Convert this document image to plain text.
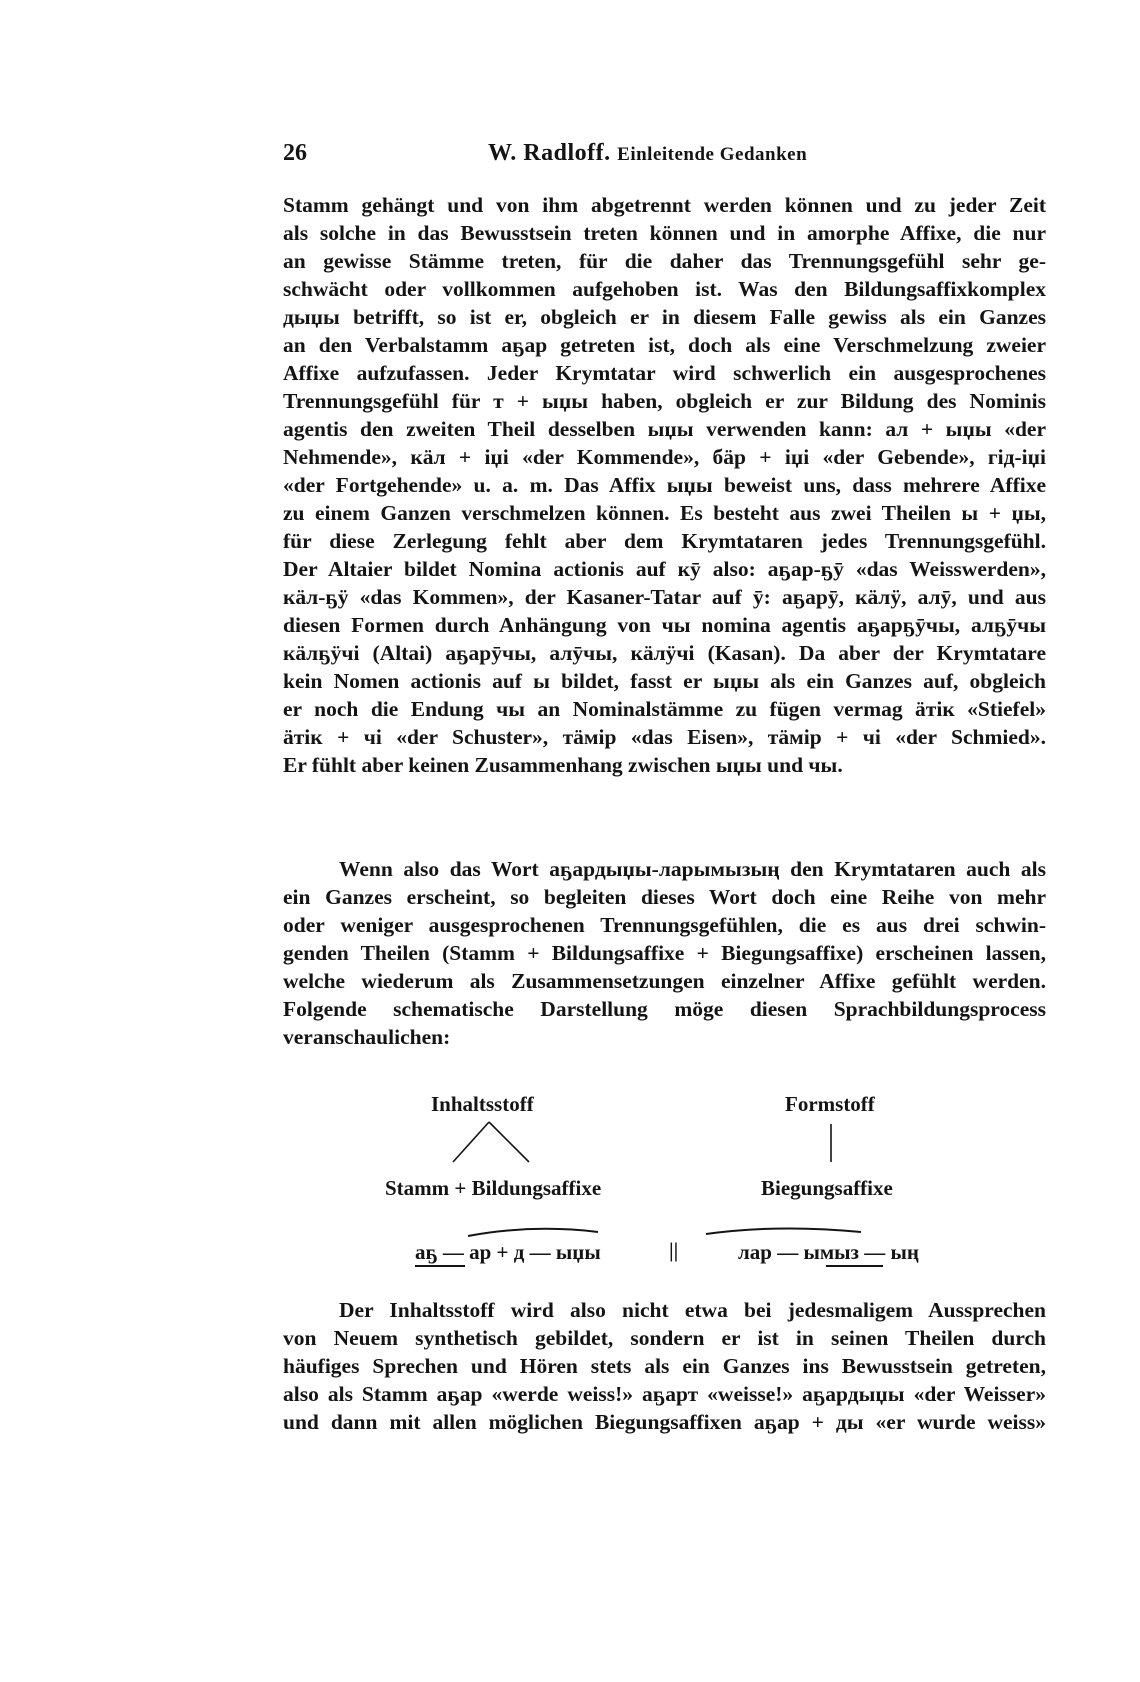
26	W. Radloff. Einleitende Gedanken
Stamm gehängt und von ihm abgetrennt werden können und zu jeder Zeit
als solche in das Bewusstsein treten können und in amorphe Affixe, die nur
an gewisse Stämme treten, für die daher das Trennungsgefühl sehr ge-
schwächt oder vollkommen aufgehoben ist. Was den Bildungsaffixkomplex
дыџы betrifft, so ist er, obgleich er in diesem Falle gewiss als ein Ganzes
an den Verbalstamm аҕар getreten ist, doch als eine Verschmelzung zweier
Affixe aufzufassen. Jeder Krymtatar wird schwerlich ein ausgesprochenes
Trennungsgefühl für т + ыџы haben, obgleich er zur Bildung des Nominis
agentis den zweiten Theil desselben ыџы verwenden kann: ал + ыџы «der
Nehmende», кäл + іџі «der Kommende», бäр + іџі «der Gebende», гід-іџі
«der Fortgehende» u. a. m. Das Affix ыџы beweist uns, dass mehrere Affixe
zu einem Ganzen verschmelzen können. Es besteht aus zwei Theilen ы + џы,
für diese Zerlegung fehlt aber dem Krymtataren jedes Trennungsgefühl.
Der Altaier bildet Nomina actionis auf кӯ also: аҕар-ҕӯ «das Weisswerden»,
кäл-ҕӱ «das Kommen», der Kasaner-Tatar auf ӯ: аҕарӯ, кäлӱ, алӯ, und aus
diesen Formen durch Anhängung von чы nomina agentis аҕарҕӯчы, алҕӯчы
кäлҕӱчі (Altai) аҕарӯчы, алӯчы, кäлӱчі (Kasan). Da aber der Krymtatare
kein Nomen actionis auf ы bildet, fasst er ыџы als ein Ganzes auf, obgleich
er noch die Endung чы an Nominalstämme zu fügen vermag äтік «Stiefel»
äтік + чі «der Schuster», тäмір «das Eisen», тäмір + чі «der Schmied».
Er fühlt aber keinen Zusammenhang zwischen ыџы und чы.
Wenn also das Wort аҕардыџы-ларымызың den Krymtataren auch als
ein Ganzes erscheint, so begleiten dieses Wort doch eine Reihe von mehr
oder weniger ausgesprochenen Trennungsgefühlen, die es aus drei schwin-
genden Theilen (Stamm + Bildungsaffixe + Biegungsaffixe) erscheinen lassen,
welche wiederum als Zusammensetzungen einzelner Affixe gefühlt werden.
Folgende schematische Darstellung möge diesen Sprachbildungsprocess
veranschaulichen:
Inhaltsstoff	Formstoff
Stamm + Bildungsaffixe	Biegungsaffixe
аҕ — ар + д — ыџы	||	лар — ымыз — ың
Der Inhaltsstoff wird also nicht etwa bei jedesmaligem Aussprechen
von Neuem synthetisch gebildet, sondern er ist in seinen Theilen durch
häufiges Sprechen und Hören stets als ein Ganzes ins Bewusstsein getreten,
also als Stamm аҕар «werde weiss!» аҕарт «weisse!» аҕардыџы «der Weisser»
und dann mit allen möglichen Biegungsaffixen аҕар + ды «er wurde weiss»
